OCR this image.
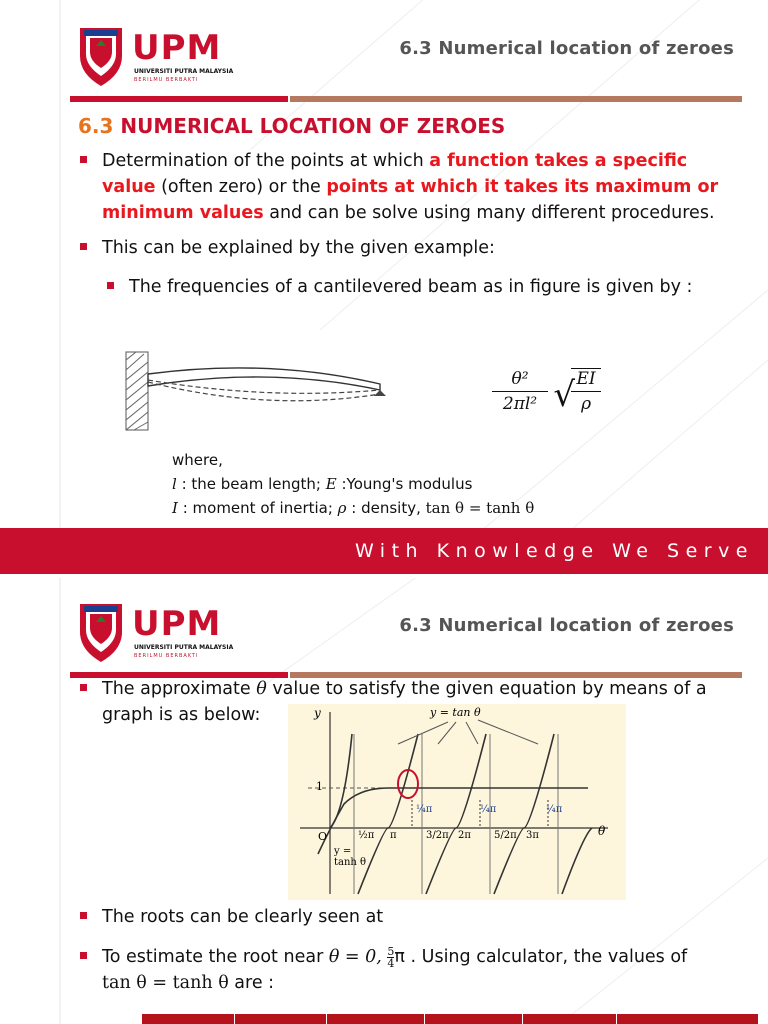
UPM
UNIVERSITI PUTRA MALAYSIA
BERILMU BERBAKTI
6.3 Numerical location of zeroes
6.3 NUMERICAL LOCATION OF ZEROES
Determination of the points at which a function takes a specific value (often zero) or the points at which it takes its maximum or minimum values and can be solve using many different procedures.
This can be explained by the given example:
The frequencies of a cantilevered beam as in figure is given by :
$\frac{\text{θ²}}{\text{2πl²}}$ √
$\frac{EI}{\rho}$
where,
l : the beam length; E :Young's modulus
I : moment of inertia; ρ : density, tan θ = tanh θ
With Knowledge We Serve
UPM
UNIVERSITI PUTRA MALAYSIA
BERILMU BERBAKTI
6.3 Numerical location of zeroes
The approximate θ value to satisfy the given equation by means of a graph is as below:	y
θ
y = tan θ
1
O
y =
tanh θ
½π π	3/2π 2π 5/2π 3π
¼π	¼π	¼π
The roots can be clearly seen at
To estimate the root near θ = 0, $\frac{5}{4}$ π . Using calculator, the values of
tan θ = tanh θ are :
